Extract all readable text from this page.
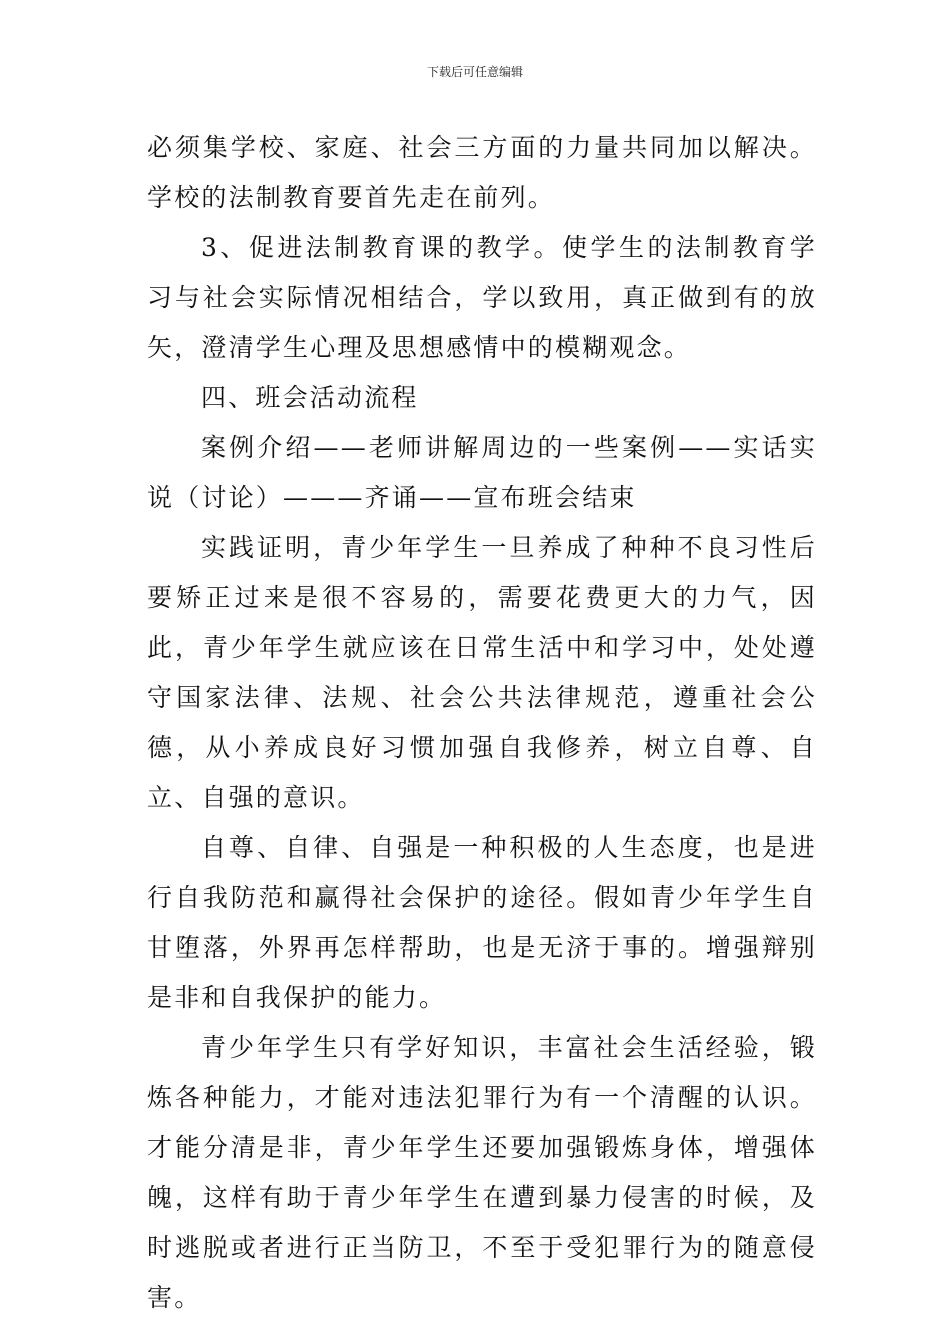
下载后可任意编辑

必须集学校、家庭、社会三方面的力量共同加以解决。学校的法制教育要首先走在前列。

3、促进法制教育课的教学。使学生的法制教育学习与社会实际情况相结合，学以致用，真正做到有的放矢，澄清学生心理及思想感情中的模糊观念。

四、班会活动流程

案例介绍——老师讲解周边的一些案例——实话实说（讨论）———齐诵——宣布班会结束

实践证明，青少年学生一旦养成了种种不良习性后要矫正过来是很不容易的，需要花费更大的力气，因此，青少年学生就应该在日常生活中和学习中，处处遵守国家法律、法规、社会公共法律规范，遵重社会公德，从小养成良好习惯加强自我修养，树立自尊、自立、自强的意识。

自尊、自律、自强是一种积极的人生态度，也是进行自我防范和赢得社会保护的途径。假如青少年学生自甘堕落，外界再怎样帮助，也是无济于事的。增强辩别是非和自我保护的能力。

青少年学生只有学好知识，丰富社会生活经验，锻炼各种能力，才能对违法犯罪行为有一个清醒的认识。才能分清是非，青少年学生还要加强锻炼身体，增强体魄，这样有助于青少年学生在遭到暴力侵害的时候，及时逃脱或者进行正当防卫，不至于受犯罪行为的随意侵害。
